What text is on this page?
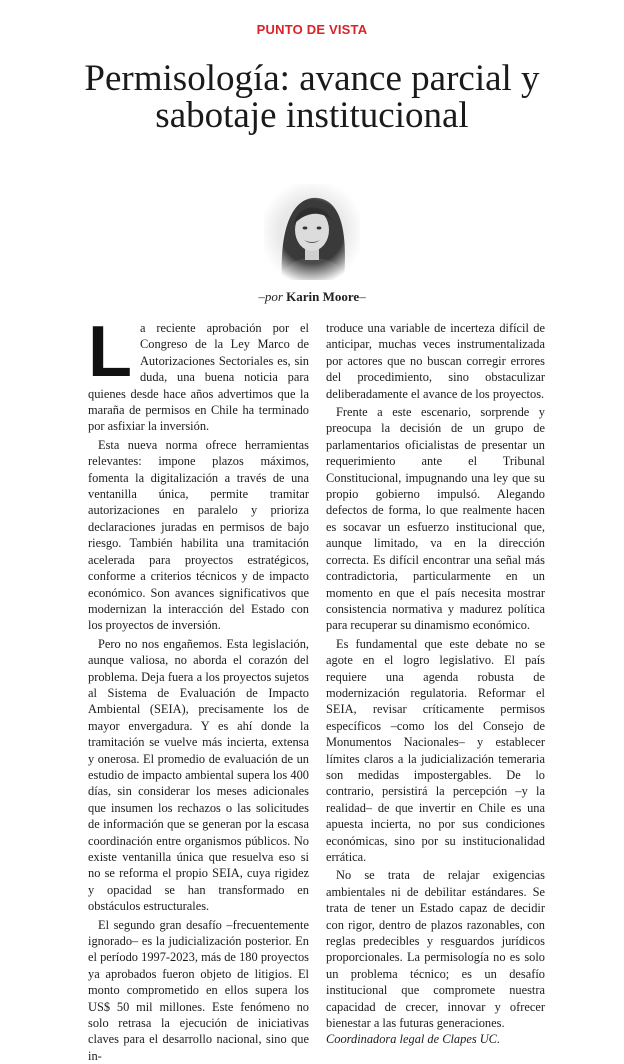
PUNTO DE VISTA
Permisología: avance parcial y sabotaje institucional
–por Karin Moore–

La reciente aprobación por el Congreso de la Ley Marco de Autorizaciones Sectoriales es, sin duda, una buena noticia para quienes desde hace años advertimos que la maraña de permisos en Chile ha terminado por asfixiar la inversión.

Esta nueva norma ofrece herramientas relevantes: impone plazos máximos, fomenta la digitalización a través de una ventanilla única, permite tramitar autorizaciones en paralelo y prioriza declaraciones juradas en permisos de bajo riesgo. También habilita una tramitación acelerada para proyectos estratégicos, conforme a criterios técnicos y de impacto económico. Son avances significativos que modernizan la interacción del Estado con los proyectos de inversión.

Pero no nos engañemos. Esta legislación, aunque valiosa, no aborda el corazón del problema. Deja fuera a los proyectos sujetos al Sistema de Evaluación de Impacto Ambiental (SEIA), precisamente los de mayor envergadura. Y es ahí donde la tramitación se vuelve más incierta, extensa y onerosa. El promedio de evaluación de un estudio de impacto ambiental supera los 400 días, sin considerar los meses adicionales que insumen los rechazos o las solicitudes de información que se generan por la escasa coordinación entre organismos públicos. No existe ventanilla única que resuelva eso si no se reforma el propio SEIA, cuya rigidez y opacidad se han transformado en obstáculos estructurales.

El segundo gran desafío –frecuentemente ignorado– es la judicialización posterior. En el período 1997-2023, más de 180 proyectos ya aprobados fueron objeto de litigios. El monto comprometido en ellos supera los US$ 50 mil millones. Este fenómeno no solo retrasa la ejecución de iniciativas claves para el desarrollo nacional, sino que in-

troduce una variable de incerteza difícil de anticipar, muchas veces instrumentalizada por actores que no buscan corregir errores del procedimiento, sino obstaculizar deliberadamente el avance de los proyectos.

Frente a este escenario, sorprende y preocupa la decisión de un grupo de parlamentarios oficialistas de presentar un requerimiento ante el Tribunal Constitucional, impugnando una ley que su propio gobierno impulsó. Alegando defectos de forma, lo que realmente hacen es socavar un esfuerzo institucional que, aunque limitado, va en la dirección correcta. Es difícil encontrar una señal más contradictoria, particularmente en un momento en que el país necesita mostrar consistencia normativa y madurez política para recuperar su dinamismo económico.

Es fundamental que este debate no se agote en el logro legislativo. El país requiere una agenda robusta de modernización regulatoria. Reformar el SEIA, revisar críticamente permisos específicos –como los del Consejo de Monumentos Nacionales– y establecer límites claros a la judicialización temeraria son medidas impostergables. De lo contrario, persistirá la percepción –y la realidad– de que invertir en Chile es una apuesta incierta, no por sus condiciones económicas, sino por su institucionalidad errática.

No se trata de relajar exigencias ambientales ni de debilitar estándares. Se trata de tener un Estado capaz de decidir con rigor, dentro de plazos razonables, con reglas predecibles y resguardos jurídicos proporcionales. La permisología no es solo un problema técnico; es un desafío institucional que compromete nuestra capacidad de crecer, innovar y ofrecer bienestar a las futuras generaciones.

Coordinadora legal de Clapes UC.
